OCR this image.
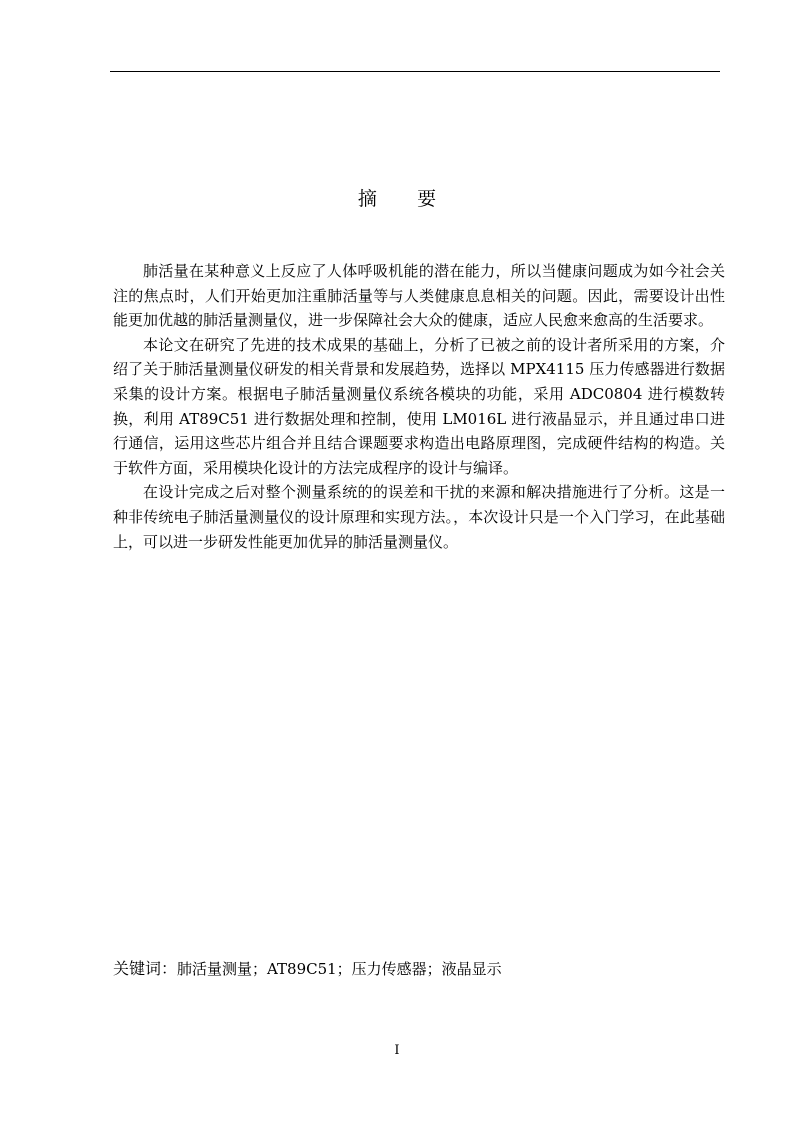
摘 要

肺活量在某种意义上反应了人体呼吸机能的潜在能力，所以当健康问题成为如今社会关注的焦点时，人们开始更加注重肺活量等与人类健康息息相关的问题。因此，需要设计出性能更加优越的肺活量测量仪，进一步保障社会大众的健康，适应人民愈来愈高的生活要求。

本论文在研究了先进的技术成果的基础上，分析了已被之前的设计者所采用的方案，介绍了关于肺活量测量仪研发的相关背景和发展趋势，选择以 MPX4115 压力传感器进行数据采集的设计方案。根据电子肺活量测量仪系统各模块的功能，采用 ADC0804 进行模数转换，利用 AT89C51 进行数据处理和控制，使用 LM016L 进行液晶显示，并且通过串口进行通信，运用这些芯片组合并且结合课题要求构造出电路原理图，完成硬件结构的构造。关于软件方面，采用模块化设计的方法完成程序的设计与编译。

在设计完成之后对整个测量系统的的误差和干扰的来源和解决措施进行了分析。这是一种非传统电子肺活量测量仪的设计原理和实现方法。，本次设计只是一个入门学习，在此基础上，可以进一步研发性能更加优异的肺活量测量仪。

关键词：肺活量测量；AT89C51；压力传感器；液晶显示
I
